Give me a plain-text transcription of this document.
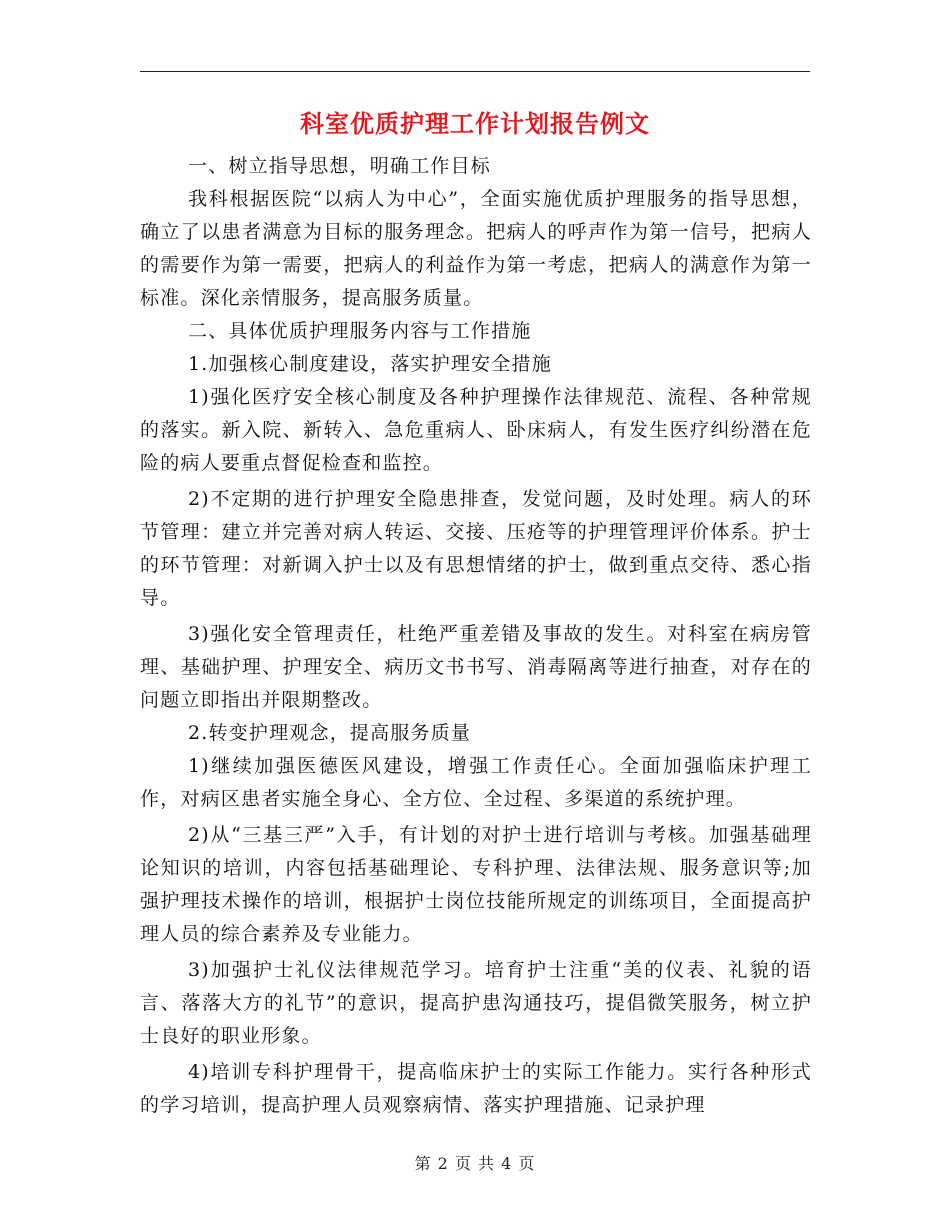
科室优质护理工作计划报告例文

一、树立指导思想，明确工作目标

我科根据医院“以病人为中心”，全面实施优质护理服务的指导思想，确立了以患者满意为目标的服务理念。把病人的呼声作为第一信号，把病人的需要作为第一需要，把病人的利益作为第一考虑，把病人的满意作为第一标准。深化亲情服务，提高服务质量。

二、具体优质护理服务内容与工作措施

1.加强核心制度建设，落实护理安全措施

1)强化医疗安全核心制度及各种护理操作法律规范、流程、各种常规的落实。新入院、新转入、急危重病人、卧床病人，有发生医疗纠纷潜在危险的病人要重点督促检查和监控。

2)不定期的进行护理安全隐患排查，发觉问题，及时处理。病人的环节管理：建立并完善对病人转运、交接、压疮等的护理管理评价体系。护士的环节管理：对新调入护士以及有思想情绪的护士，做到重点交待、悉心指导。

3)强化安全管理责任，杜绝严重差错及事故的发生。对科室在病房管理、基础护理、护理安全、病历文书书写、消毒隔离等进行抽查，对存在的问题立即指出并限期整改。

2.转变护理观念，提高服务质量

1)继续加强医德医风建设，增强工作责任心。全面加强临床护理工作，对病区患者实施全身心、全方位、全过程、多渠道的系统护理。

2)从“三基三严”入手，有计划的对护士进行培训与考核。加强基础理论知识的培训，内容包括基础理论、专科护理、法律法规、服务意识等;加强护理技术操作的培训，根据护士岗位技能所规定的训练项目，全面提高护理人员的综合素养及专业能力。

3)加强护士礼仪法律规范学习。培育护士注重“美的仪表、礼貌的语言、落落大方的礼节”的意识，提高护患沟通技巧，提倡微笑服务，树立护士良好的职业形象。

4)培训专科护理骨干，提高临床护士的实际工作能力。实行各种形式的学习培训，提高护理人员观察病情、落实护理措施、记录护理

第 2 页 共 4 页
